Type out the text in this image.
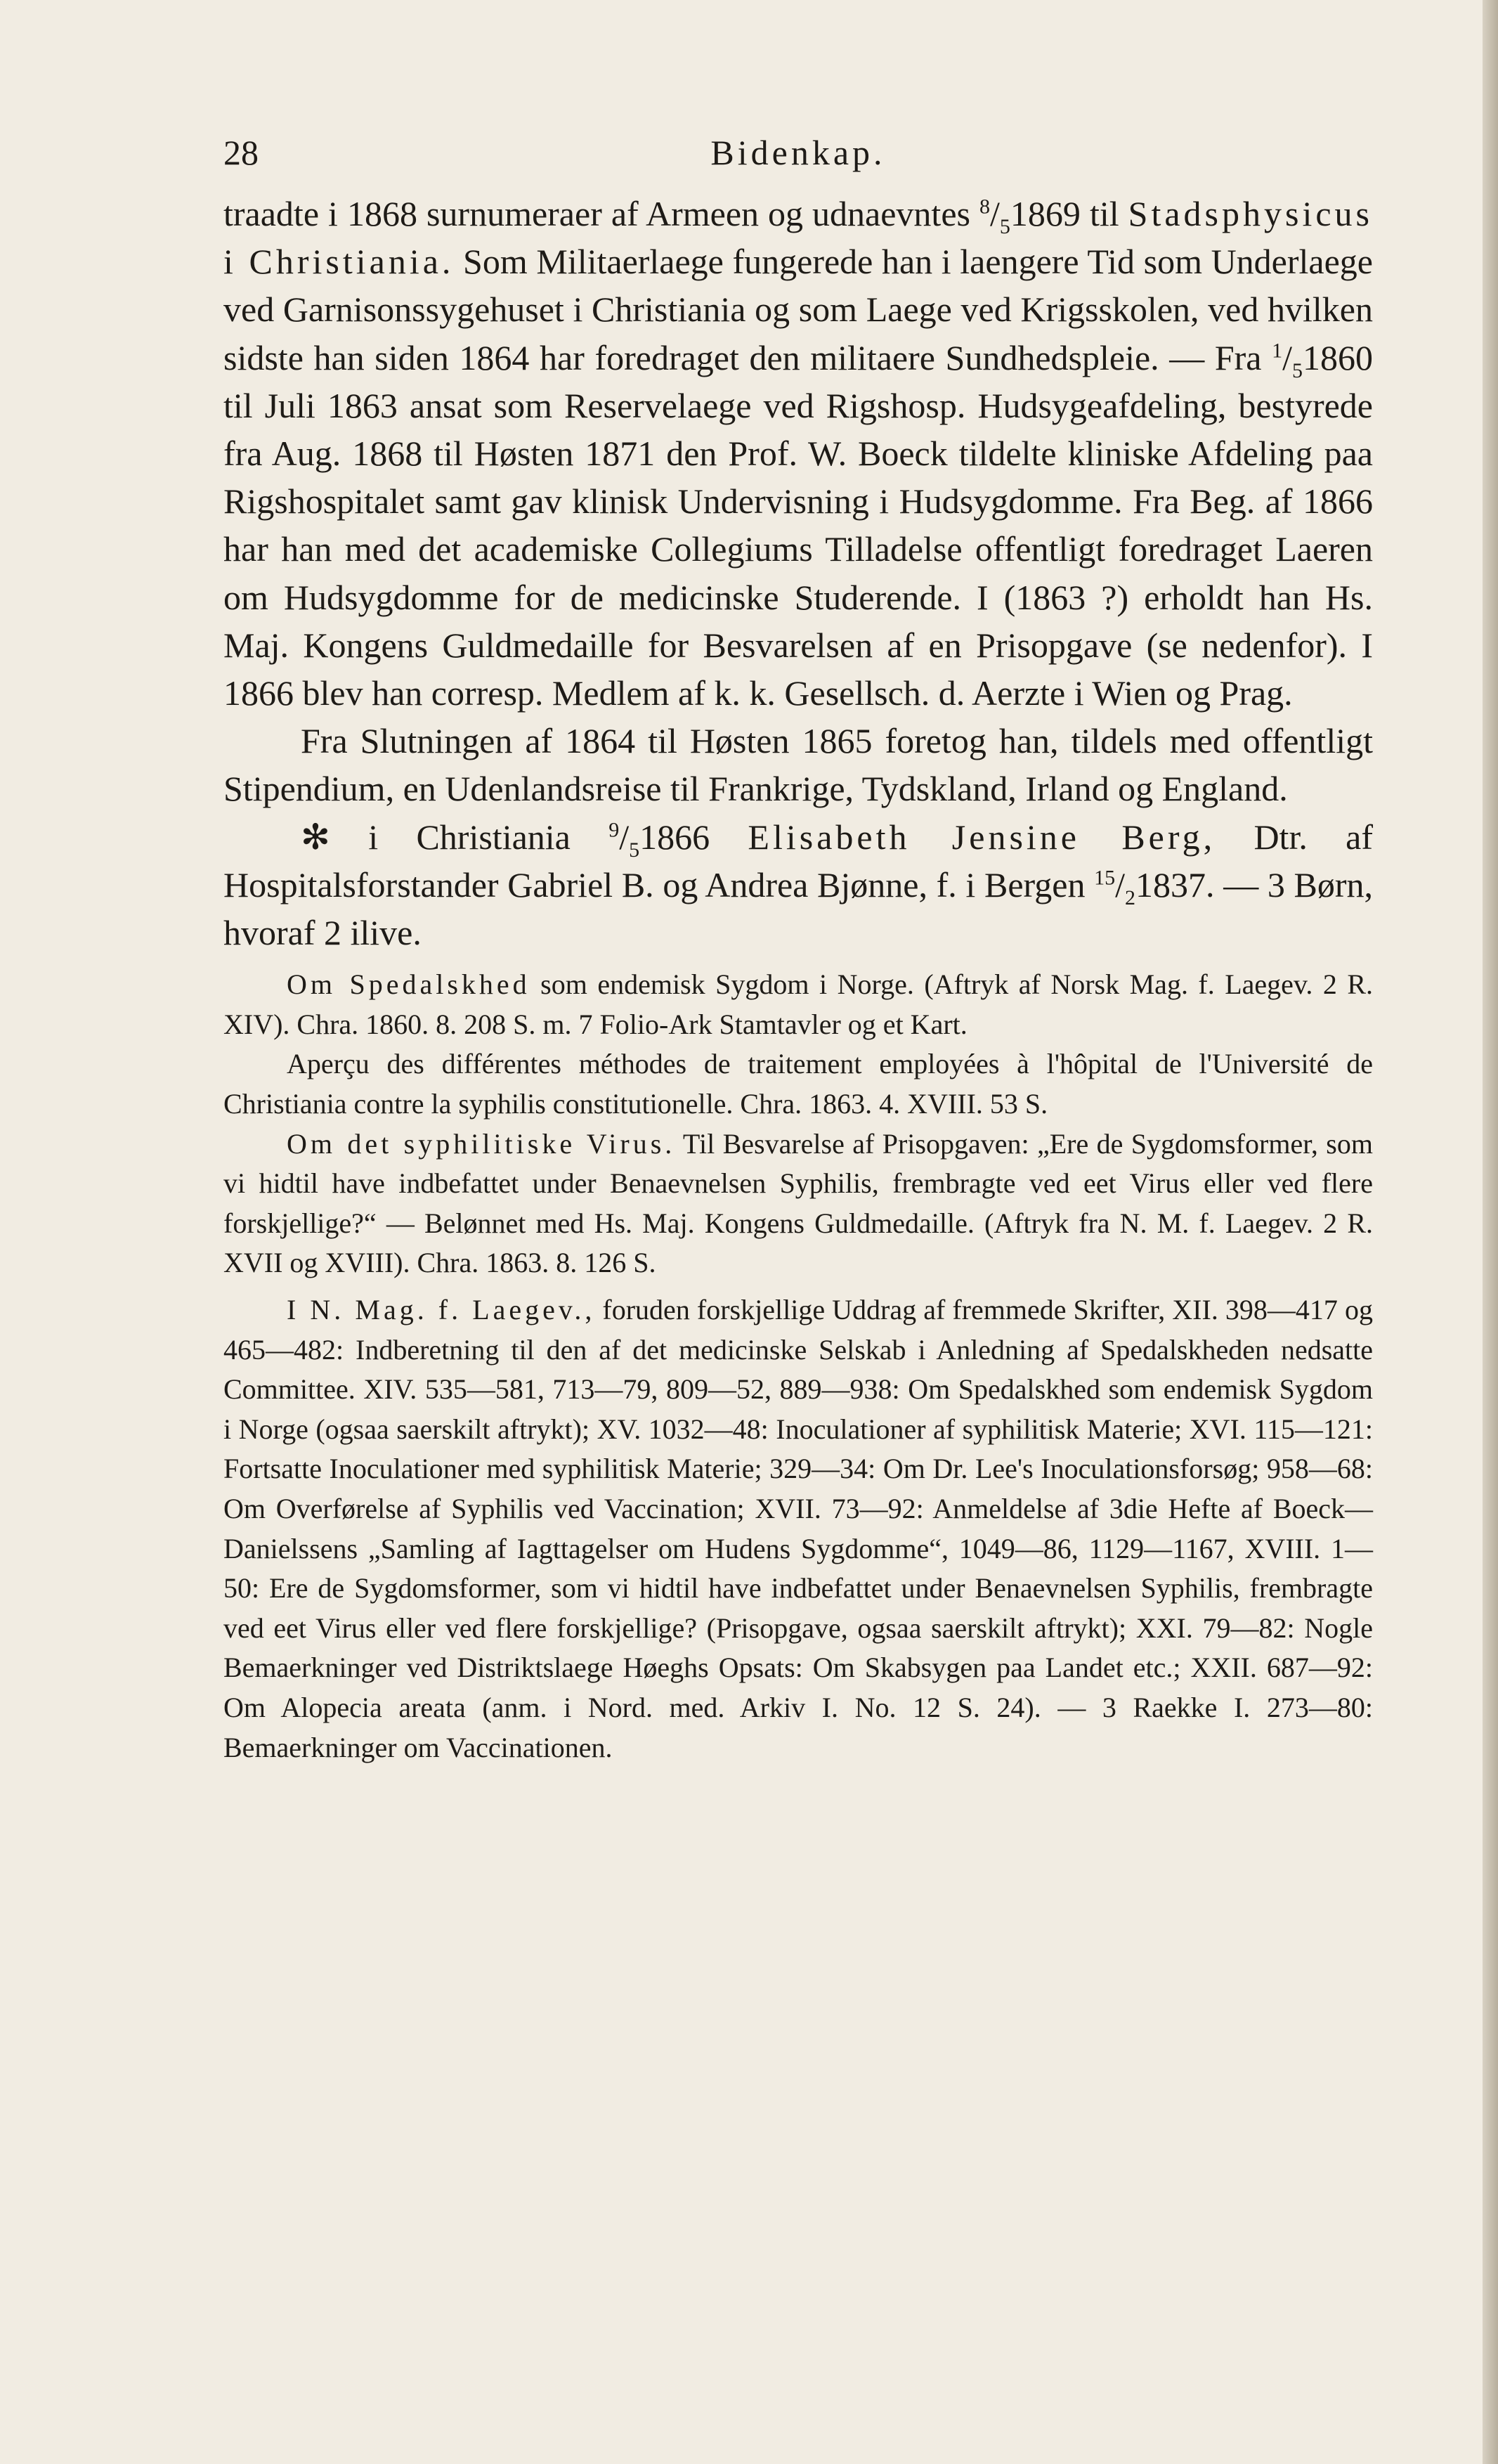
28	Bidenkap.

traadte i 1868 surnumeraer af Armeen og udnaevntes $^8/_51869$ til Stadsphysicus i Christiania. Som Militaerlaege fungerede han i laengere Tid som Underlaege ved Garnisonssygehuset i Christiania og som Laege ved Krigsskolen, ved hvilken sidste han siden 1864 har foredraget den militaere Sundhedspleie. — Fra $^1/_51860$ til Juli 1863 ansat som Reservelaege ved Rigshosp. Hudsygeafdeling, bestyrede fra Aug. 1868 til Høsten 1871 den Prof. W. Boeck tildelte kliniske Afdeling paa Rigshospitalet samt gav klinisk Undervisning i Hudsygdomme. Fra Beg. af 1866 har han med det academiske Collegiums Tilladelse offentligt foredraget Laeren om Hudsygdomme for de medicinske Studerende. I (1863 ?) erholdt han Hs. Maj. Kongens Guldmedaille for Besvarelsen af en Prisopgave (se nedenfor). I 1866 blev han corresp. Medlem af k. k. Gesellsch. d. Aerzte i Wien og Prag.

Fra Slutningen af 1864 til Høsten 1865 foretog han, tildels med offentligt Stipendium, en Udenlandsreise til Frankrige, Tydskland, Irland og England.

✻ i Christiania $^9/_51866$ Elisabeth Jensine Berg, Dtr. af Hospitalsforstander Gabriel B. og Andrea Bjønne, f. i Bergen $^{15}/_21837$. — 3 Børn, hvoraf 2 ilive.

Om Spedalskhed som endemisk Sygdom i Norge. (Aftryk af Norsk Mag. f. Laegev. 2 R. XIV). Chra. 1860. 8. 208 S. m. 7 Folio-Ark Stamtavler og et Kart.

Aperçu des différentes méthodes de traitement employées à l'hôpital de l'Université de Christiania contre la syphilis constitutionelle. Chra. 1863. 4. XVIII. 53 S.

Om det syphilitiske Virus. Til Besvarelse af Prisopgaven: „Ere de Sygdomsformer, som vi hidtil have indbefattet under Benaevnelsen Syphilis, frembragte ved eet Virus eller ved flere forskjellige?“ — Belønnet med Hs. Maj. Kongens Guldmedaille. (Aftryk fra N. M. f. Laegev. 2 R. XVII og XVIII). Chra. 1863. 8. 126 S.

I N. Mag. f. Laegev., foruden forskjellige Uddrag af fremmede Skrifter, XII. 398—417 og 465—482: Indberetning til den af det medicinske Selskab i Anledning af Spedalskheden nedsatte Committee. XIV. 535—581, 713—79, 809—52, 889—938: Om Spedalskhed som endemisk Sygdom i Norge (ogsaa saerskilt aftrykt); XV. 1032—48: Inoculationer af syphilitisk Materie; XVI. 115—121: Fortsatte Inoculationer med syphilitisk Materie; 329—34: Om Dr. Lee's Inoculationsforsøg; 958—68: Om Overførelse af Syphilis ved Vaccination; XVII. 73—92: Anmeldelse af 3die Hefte af Boeck—Danielssens „Samling af Iagttagelser om Hudens Sygdomme“, 1049—86, 1129—1167, XVIII. 1—50: Ere de Sygdomsformer, som vi hidtil have indbefattet under Benaevnelsen Syphilis, frembragte ved eet Virus eller ved flere forskjellige? (Prisopgave, ogsaa saerskilt aftrykt); XXI. 79—82: Nogle Bemaerkninger ved Distriktslaege Høeghs Opsats: Om Skabsygen paa Landet etc.; XXII. 687—92: Om Alopecia areata (anm. i Nord. med. Arkiv I. No. 12 S. 24). — 3 Raekke I. 273—80: Bemaerkninger om Vaccinationen.
